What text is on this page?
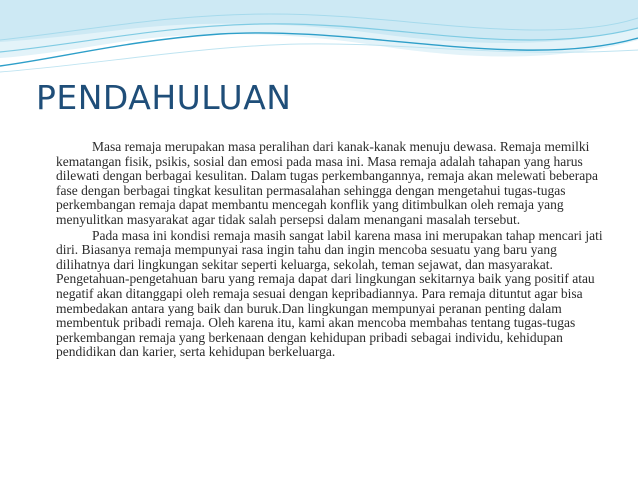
PENDAHULUAN

Masa remaja merupakan masa peralihan dari kanak-kanak menuju dewasa. Remaja memilki kematangan fisik, psikis, sosial dan emosi pada masa ini. Masa remaja adalah tahapan yang harus dilewati dengan berbagai kesulitan. Dalam tugas perkembangannya, remaja akan melewati beberapa fase dengan berbagai tingkat kesulitan permasalahan sehingga dengan mengetahui tugas-tugas perkembangan remaja dapat membantu mencegah konflik yang ditimbulkan oleh remaja yang menyulitkan masyarakat agar tidak salah persepsi dalam menangani masalah tersebut.

Pada masa ini kondisi remaja masih sangat labil karena masa ini merupakan tahap mencari jati diri. Biasanya remaja mempunyai rasa ingin tahu dan ingin mencoba sesuatu yang baru yang dilihatnya dari lingkungan sekitar seperti keluarga, sekolah, teman sejawat, dan masyarakat. Pengetahuan-pengetahuan baru yang remaja dapat dari lingkungan sekitarnya baik yang positif atau negatif akan ditanggapi oleh remaja sesuai dengan kepribadiannya. Para remaja dituntut agar bisa membedakan antara yang baik dan buruk.Dan lingkungan mempunyai peranan penting dalam membentuk pribadi remaja. Oleh karena itu, kami akan mencoba membahas tentang tugas-tugas perkembangan remaja yang berkenaan dengan kehidupan pribadi sebagai individu, kehidupan pendidikan dan karier, serta kehidupan berkeluarga.
